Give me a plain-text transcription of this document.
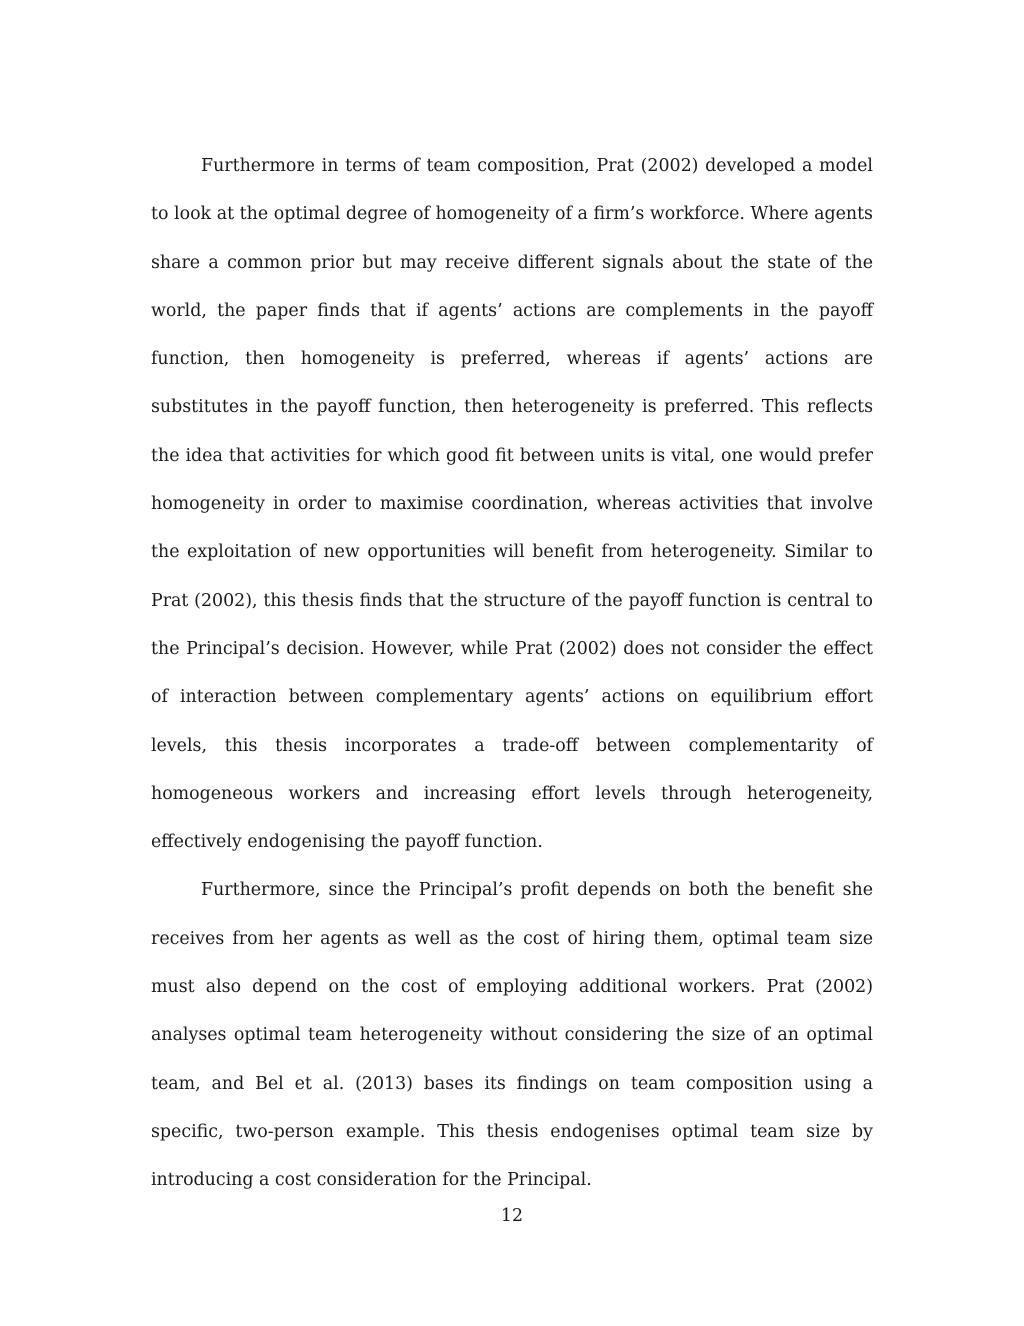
Furthermore in terms of team composition, Prat (2002) developed a model to look at the optimal degree of homogeneity of a firm’s workforce. Where agents share a common prior but may receive different signals about the state of the world, the paper finds that if agents’ actions are complements in the payoff function, then homogeneity is preferred, whereas if agents’ actions are substitutes in the payoff function, then heterogeneity is preferred. This reflects the idea that activities for which good fit between units is vital, one would prefer homogeneity in order to maximise coordination, whereas activities that involve the exploitation of new opportunities will benefit from heterogeneity. Similar to Prat (2002), this thesis finds that the structure of the payoff function is central to the Principal’s decision. However, while Prat (2002) does not consider the effect of interaction between complementary agents’ actions on equilibrium effort levels, this thesis incorporates a trade-off between complementarity of homogeneous workers and increasing effort levels through heterogeneity, effectively endogenising the payoff function.

Furthermore, since the Principal’s profit depends on both the benefit she receives from her agents as well as the cost of hiring them, optimal team size must also depend on the cost of employing additional workers. Prat (2002) analyses optimal team heterogeneity without considering the size of an optimal team, and Bel et al. (2013) bases its findings on team composition using a specific, two-person example. This thesis endogenises optimal team size by introducing a cost consideration for the Principal.

12
